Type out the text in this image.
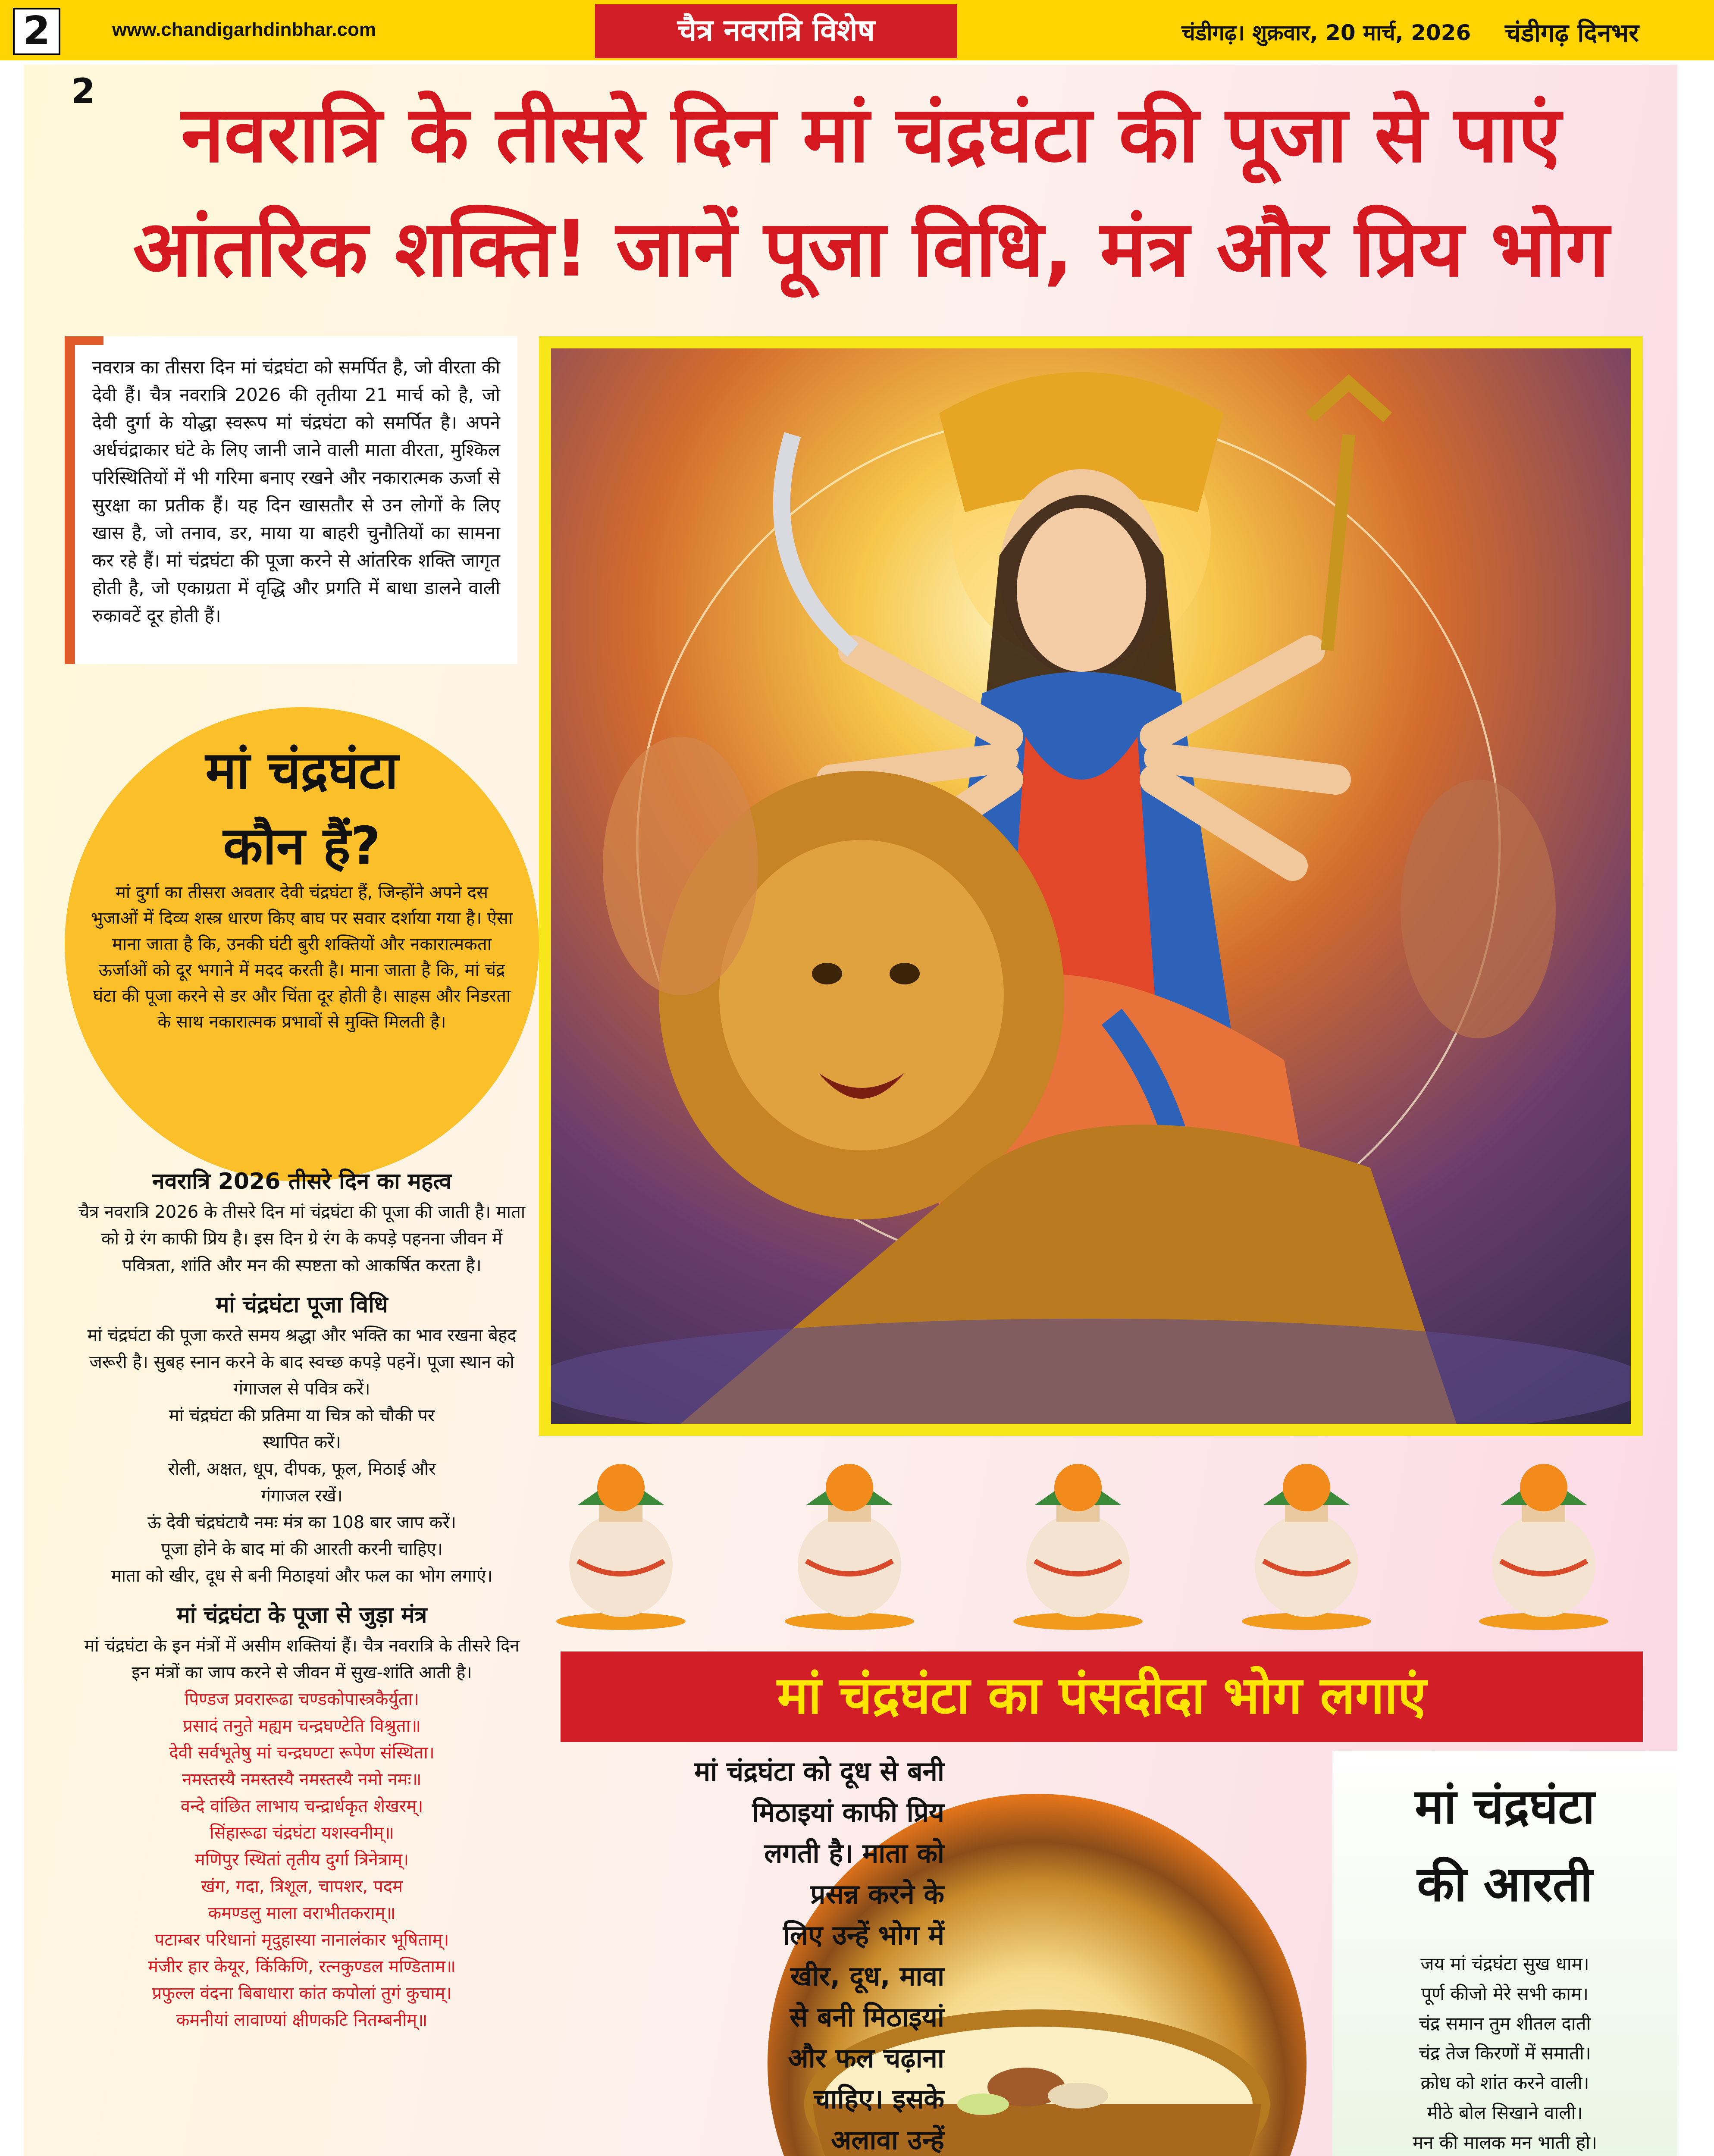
2	www.chandigarhdinbhar.com	चैत्र नवरात्रि विशेष	चंडीगढ़। शुक्रवार, 20 मार्च, 2026 चंडीगढ़ दिनभर
2	नवरात्रि के तीसरे दिन मां चंद्रघंटा की पूजा से पाएं
आंतरिक शक्ति! जानें पूजा विधि, मंत्र और प्रिय भोग
नवरात्र का तीसरा दिन मां चंद्रघंटा को समर्पित है, जो वीरता की देवी हैं। चैत्र नवरात्रि 2026 की तृतीया 21 मार्च को है, जो देवी दुर्गा के योद्धा स्वरूप मां चंद्रघंटा को समर्पित है। अपने अर्धचंद्राकार घंटे के लिए जानी जाने वाली माता वीरता, मुश्किल परिस्थितियों में भी गरिमा बनाए रखने और नकारात्मक ऊर्जा से सुरक्षा का प्रतीक हैं। यह दिन खासतौर से उन लोगों के लिए खास है, जो तनाव, डर, माया या बाहरी चुनौतियों का सामना कर रहे हैं। मां चंद्रघंटा की पूजा करने से आंतरिक शक्ति जागृत होती है, जो एकाग्रता में वृद्धि और प्रगति में बाधा डालने वाली रुकावटें दूर होती हैं।
मां चंद्रघंटा
कौन हैं?
मां दुर्गा का तीसरा अवतार देवी चंद्रघंटा हैं, जिन्होंने अपने दस भुजाओं में दिव्य शस्त्र धारण किए बाघ पर सवार दर्शाया गया है। ऐसा माना जाता है कि, उनकी घंटी बुरी शक्तियों और नकारात्मकता ऊर्जाओं को दूर भगाने में मदद करती है। माना जाता है कि, मां चंद्र घंटा की पूजा करने से डर और चिंता दूर होती है। साहस और निडरता के साथ नकारात्मक प्रभावों से मुक्ति मिलती है।
नवरात्रि 2026 तीसरे दिन का महत्व

चैत्र नवरात्रि 2026 के तीसरे दिन मां चंद्रघंटा की पूजा की जाती है। माता को ग्रे रंग काफी प्रिय है। इस दिन ग्रे रंग के कपड़े पहनना जीवन में पवित्रता, शांति और मन की स्पष्टता को आकर्षित करता है।

मां चंद्रघंटा पूजा विधि

मां चंद्रघंटा की पूजा करते समय श्रद्धा और भक्ति का भाव रखना बेहद जरूरी है। सुबह स्नान करने के बाद स्वच्छ कपड़े पहनें। पूजा स्थान को गंगाजल से पवित्र करें।

मां चंद्रघंटा की प्रतिमा या चित्र को चौकी पर स्थापित करें।

रोली, अक्षत, धूप, दीपक, फूल, मिठाई और गंगाजल रखें।

ऊं देवी चंद्रघंटायै नमः मंत्र का 108 बार जाप करें।

पूजा होने के बाद मां की आरती करनी चाहिए।

माता को खीर, दूध से बनी मिठाइयां और फल का भोग लगाएं।

मां चंद्रघंटा के पूजा से जुड़ा मंत्र

मां चंद्रघंटा के इन मंत्रों में असीम शक्तियां हैं। चैत्र नवरात्रि के तीसरे दिन इन मंत्रों का जाप करने से जीवन में सुख-शांति आती है।

पिण्डज प्रवरारूढा चण्डकोपास्त्रकैर्युता।
प्रसादं तनुते मह्यम चन्द्रघण्टेति विश्रुता॥
देवी सर्वभूतेषु मां चन्द्रघण्टा रूपेण संस्थिता।
नमस्तस्यै नमस्तस्यै नमस्तस्यै नमो नमः॥
वन्दे वांछित लाभाय चन्द्रार्धकृत शेखरम्।
सिंहारूढा चंद्रघंटा यशस्वनीम्॥
मणिपुर स्थितां तृतीय दुर्गा त्रिनेत्राम्।
खंग, गदा, त्रिशूल, चापशर, पदम
कमण्डलु माला वराभीतकराम्॥
पटाम्बर परिधानां मृदुहास्या नानालंकार भूषिताम्।
मंजीर हार केयूर, किंकिणि, रत्नकुण्डल मण्डिताम॥
प्रफुल्ल वंदना बिबाधारा कांत कपोलां तुगं कुचाम्।
कमनीयां लावाण्यां क्षीणकटि नितम्बनीम्॥
मां चंद्रघंटा का पंसदीदा भोग लगाएं
मां चंद्रघंटा को दूध से बनी
मिठाइयां काफी प्रिय
लगती है। माता को
प्रसन्न करने के
लिए उन्हें भोग में
खीर, दूध, मावा
से बनी मिठाइयां
और फल चढ़ाना
चाहिए। इसके
अलावा उन्हें
मां चंद्रघंटा
की आरती
जय मां चंद्रघंटा सुख धाम।
पूर्ण कीजो मेरे सभी काम।
चंद्र समान तुम शीतल दाती
चंद्र तेज किरणों में समाती।
क्रोध को शांत करने वाली।
मीठे बोल सिखाने वाली।
मन की मालक मन भाती हो।
